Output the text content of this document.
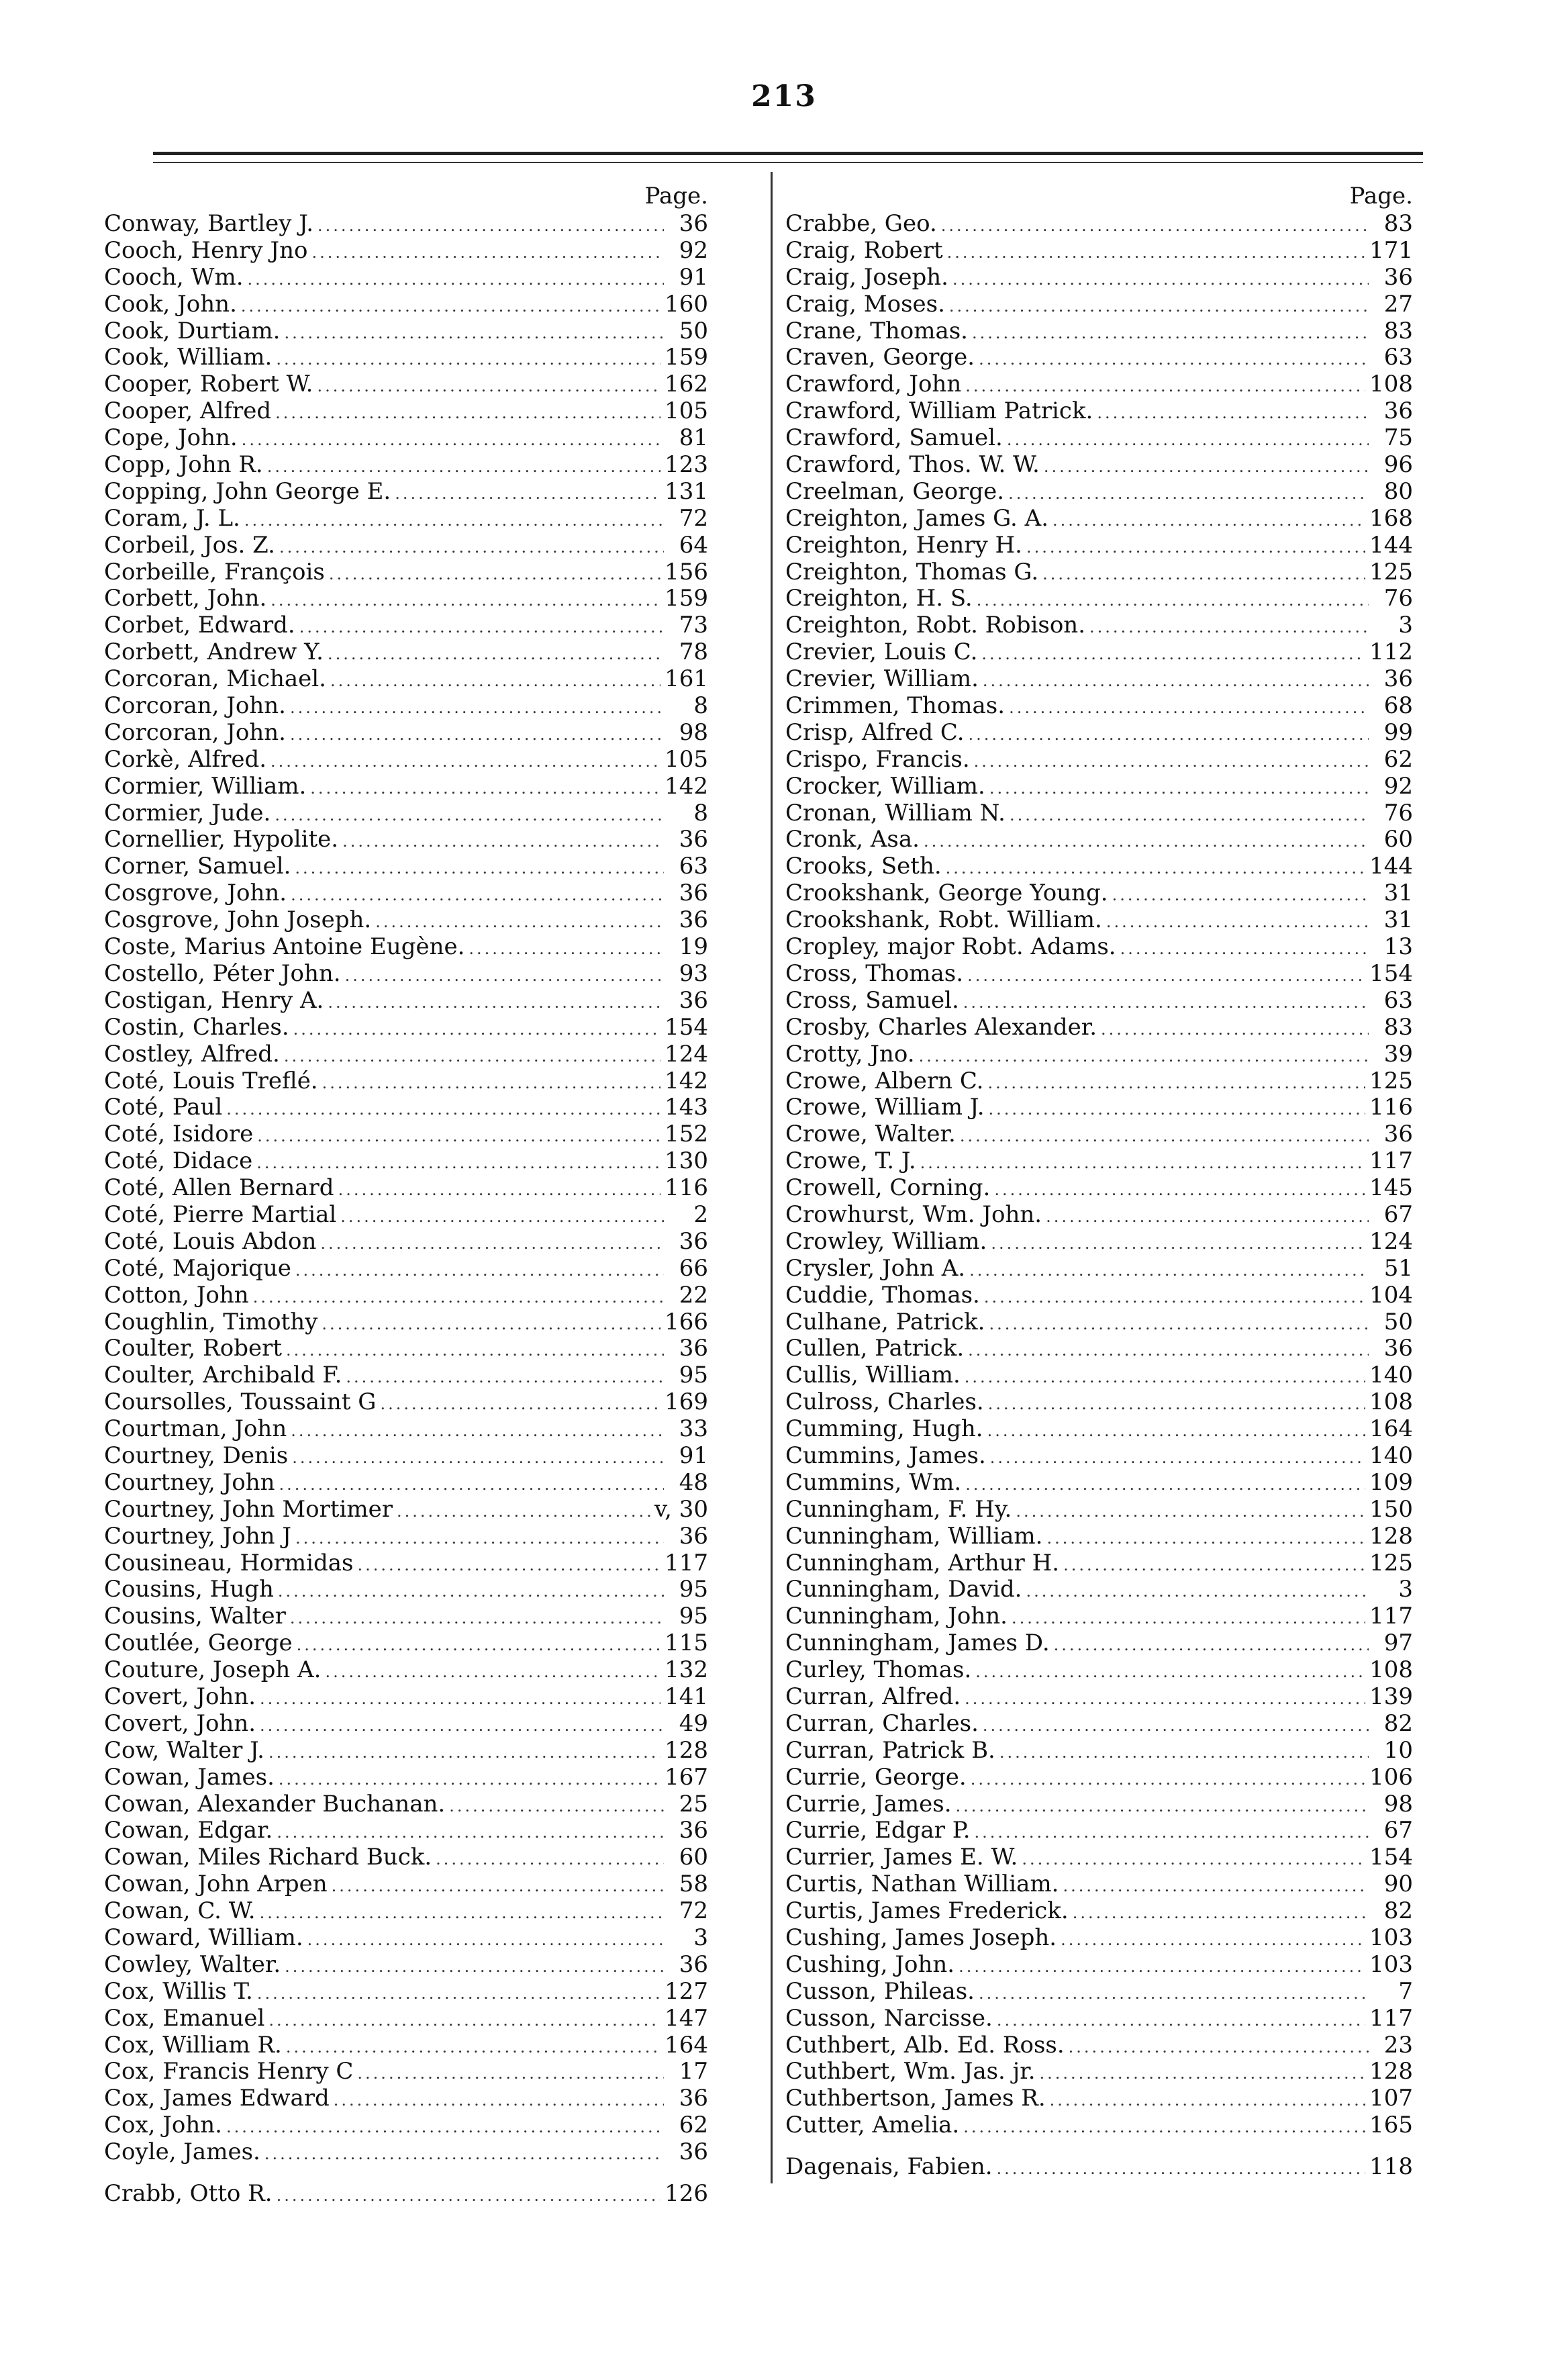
213
Page.
Conway, Bartley J. .....	36
Cooch, Henry Jno .....	92
Cooch, Wm. .....	91
Cook, John. .....	160
Cook, Durtiam. .....	50
Cook, William. .....	159
Cooper, Robert W. .....	162
Cooper, Alfred .....	105
Cope, John. .....	81
Copp, John R. .....	123
Copping, John George E. .....	131
Coram, J. L. .....	72
Corbeil, Jos. Z. .....	64
Corbeille, François .....	156
Corbett, John. .....	159
Corbet, Edward. .....	73
Corbett, Andrew Y. .....	78
Corcoran, Michael. .....	161
Corcoran, John. .....	8
Corcoran, John. .....	98
Corkè, Alfred. .....	105
Cormier, William. .....	142
Cormier, Jude. .....	8
Cornellier, Hypolite. .....	36
Corner, Samuel. .....	63
Cosgrove, John. .....	36
Cosgrove, John Joseph. .....	36
Coste, Marius Antoine Eugène. .....	19
Costello, Péter John. .....	93
Costigan, Henry A. .....	36
Costin, Charles. .....	154
Costley, Alfred. .....	124
Coté, Louis Treflé. .....	142
Coté, Paul .....	143
Coté, Isidore .....	152
Coté, Didace .....	130
Coté, Allen Bernard .....	116
Coté, Pierre Martial .....	2
Coté, Louis Abdon .....	36
Coté, Majorique .....	66
Cotton, John .....	22
Coughlin, Timothy .....	166
Coulter, Robert .....	36
Coulter, Archibald F. .....	95
Coursolles, Toussaint G .....	169
Courtman, John .....	33
Courtney, Denis .....	91
Courtney, John .....	48
Courtney, John Mortimer .....	v, 30
Courtney, John J .....	36
Cousineau, Hormidas .....	117
Cousins, Hugh .....	95
Cousins, Walter .....	95
Coutlée, George .....	115
Couture, Joseph A. .....	132
Covert, John. .....	141
Covert, John. .....	49
Cow, Walter J. .....	128
Cowan, James. .....	167
Cowan, Alexander Buchanan. .....	25
Cowan, Edgar. .....	36
Cowan, Miles Richard Buck. .....	60
Cowan, John Arpen .....	58
Cowan, C. W. .....	72
Coward, William. .....	3
Cowley, Walter. .....	36
Cox, Willis T. .....	127
Cox, Emanuel .....	147
Cox, William R. .....	164
Cox, Francis Henry C .....	17
Cox, James Edward .....	36
Cox, John. .....	62
Coyle, James. .....	36
Crabb, Otto R. .....	126
Page.
Crabbe, Geo. .....	83
Craig, Robert .....	171
Craig, Joseph. .....	36
Craig, Moses. .....	27
Crane, Thomas. .....	83
Craven, George. .....	63
Crawford, John .....	108
Crawford, William Patrick. .....	36
Crawford, Samuel. .....	75
Crawford, Thos. W. W. .....	96
Creelman, George. .....	80
Creighton, James G. A. .....	168
Creighton, Henry H. .....	144
Creighton, Thomas G. .....	125
Creighton, H. S. .....	76
Creighton, Robt. Robison. .....	3
Crevier, Louis C. .....	112
Crevier, William. .....	36
Crimmen, Thomas. .....	68
Crisp, Alfred C. .....	99
Crispo, Francis. .....	62
Crocker, William. .....	92
Cronan, William N. .....	76
Cronk, Asa. .....	60
Crooks, Seth. .....	144
Crookshank, George Young. .....	31
Crookshank, Robt. William. .....	31
Cropley, major Robt. Adams. .....	13
Cross, Thomas. .....	154
Cross, Samuel. .....	63
Crosby, Charles Alexander. .....	83
Crotty, Jno. .....	39
Crowe, Albern C. .....	125
Crowe, William J. .....	116
Crowe, Walter. .....	36
Crowe, T. J. .....	117
Crowell, Corning. .....	145
Crowhurst, Wm. John. .....	67
Crowley, William. .....	124
Crysler, John A. .....	51
Cuddie, Thomas. .....	104
Culhane, Patrick. .....	50
Cullen, Patrick. .....	36
Cullis, William. .....	140
Culross, Charles. .....	108
Cumming, Hugh. .....	164
Cummins, James. .....	140
Cummins, Wm. .....	109
Cunningham, F. Hy. .....	150
Cunningham, William. .....	128
Cunningham, Arthur H. .....	125
Cunningham, David. .....	3
Cunningham, John. .....	117
Cunningham, James D. .....	97
Curley, Thomas. .....	108
Curran, Alfred. .....	139
Curran, Charles. .....	82
Curran, Patrick B. .....	10
Currie, George. .....	106
Currie, James. .....	98
Currie, Edgar P. .....	67
Currier, James E. W. .....	154
Curtis, Nathan William. .....	90
Curtis, James Frederick. .....	82
Cushing, James Joseph. .....	103
Cushing, John. .....	103
Cusson, Phileas. .....	7
Cusson, Narcisse. .....	117
Cuthbert, Alb. Ed. Ross. .....	23
Cuthbert, Wm. Jas. jr. .....	128
Cuthbertson, James R. .....	107
Cutter, Amelia. .....	165
Dagenais, Fabien. .....	118
